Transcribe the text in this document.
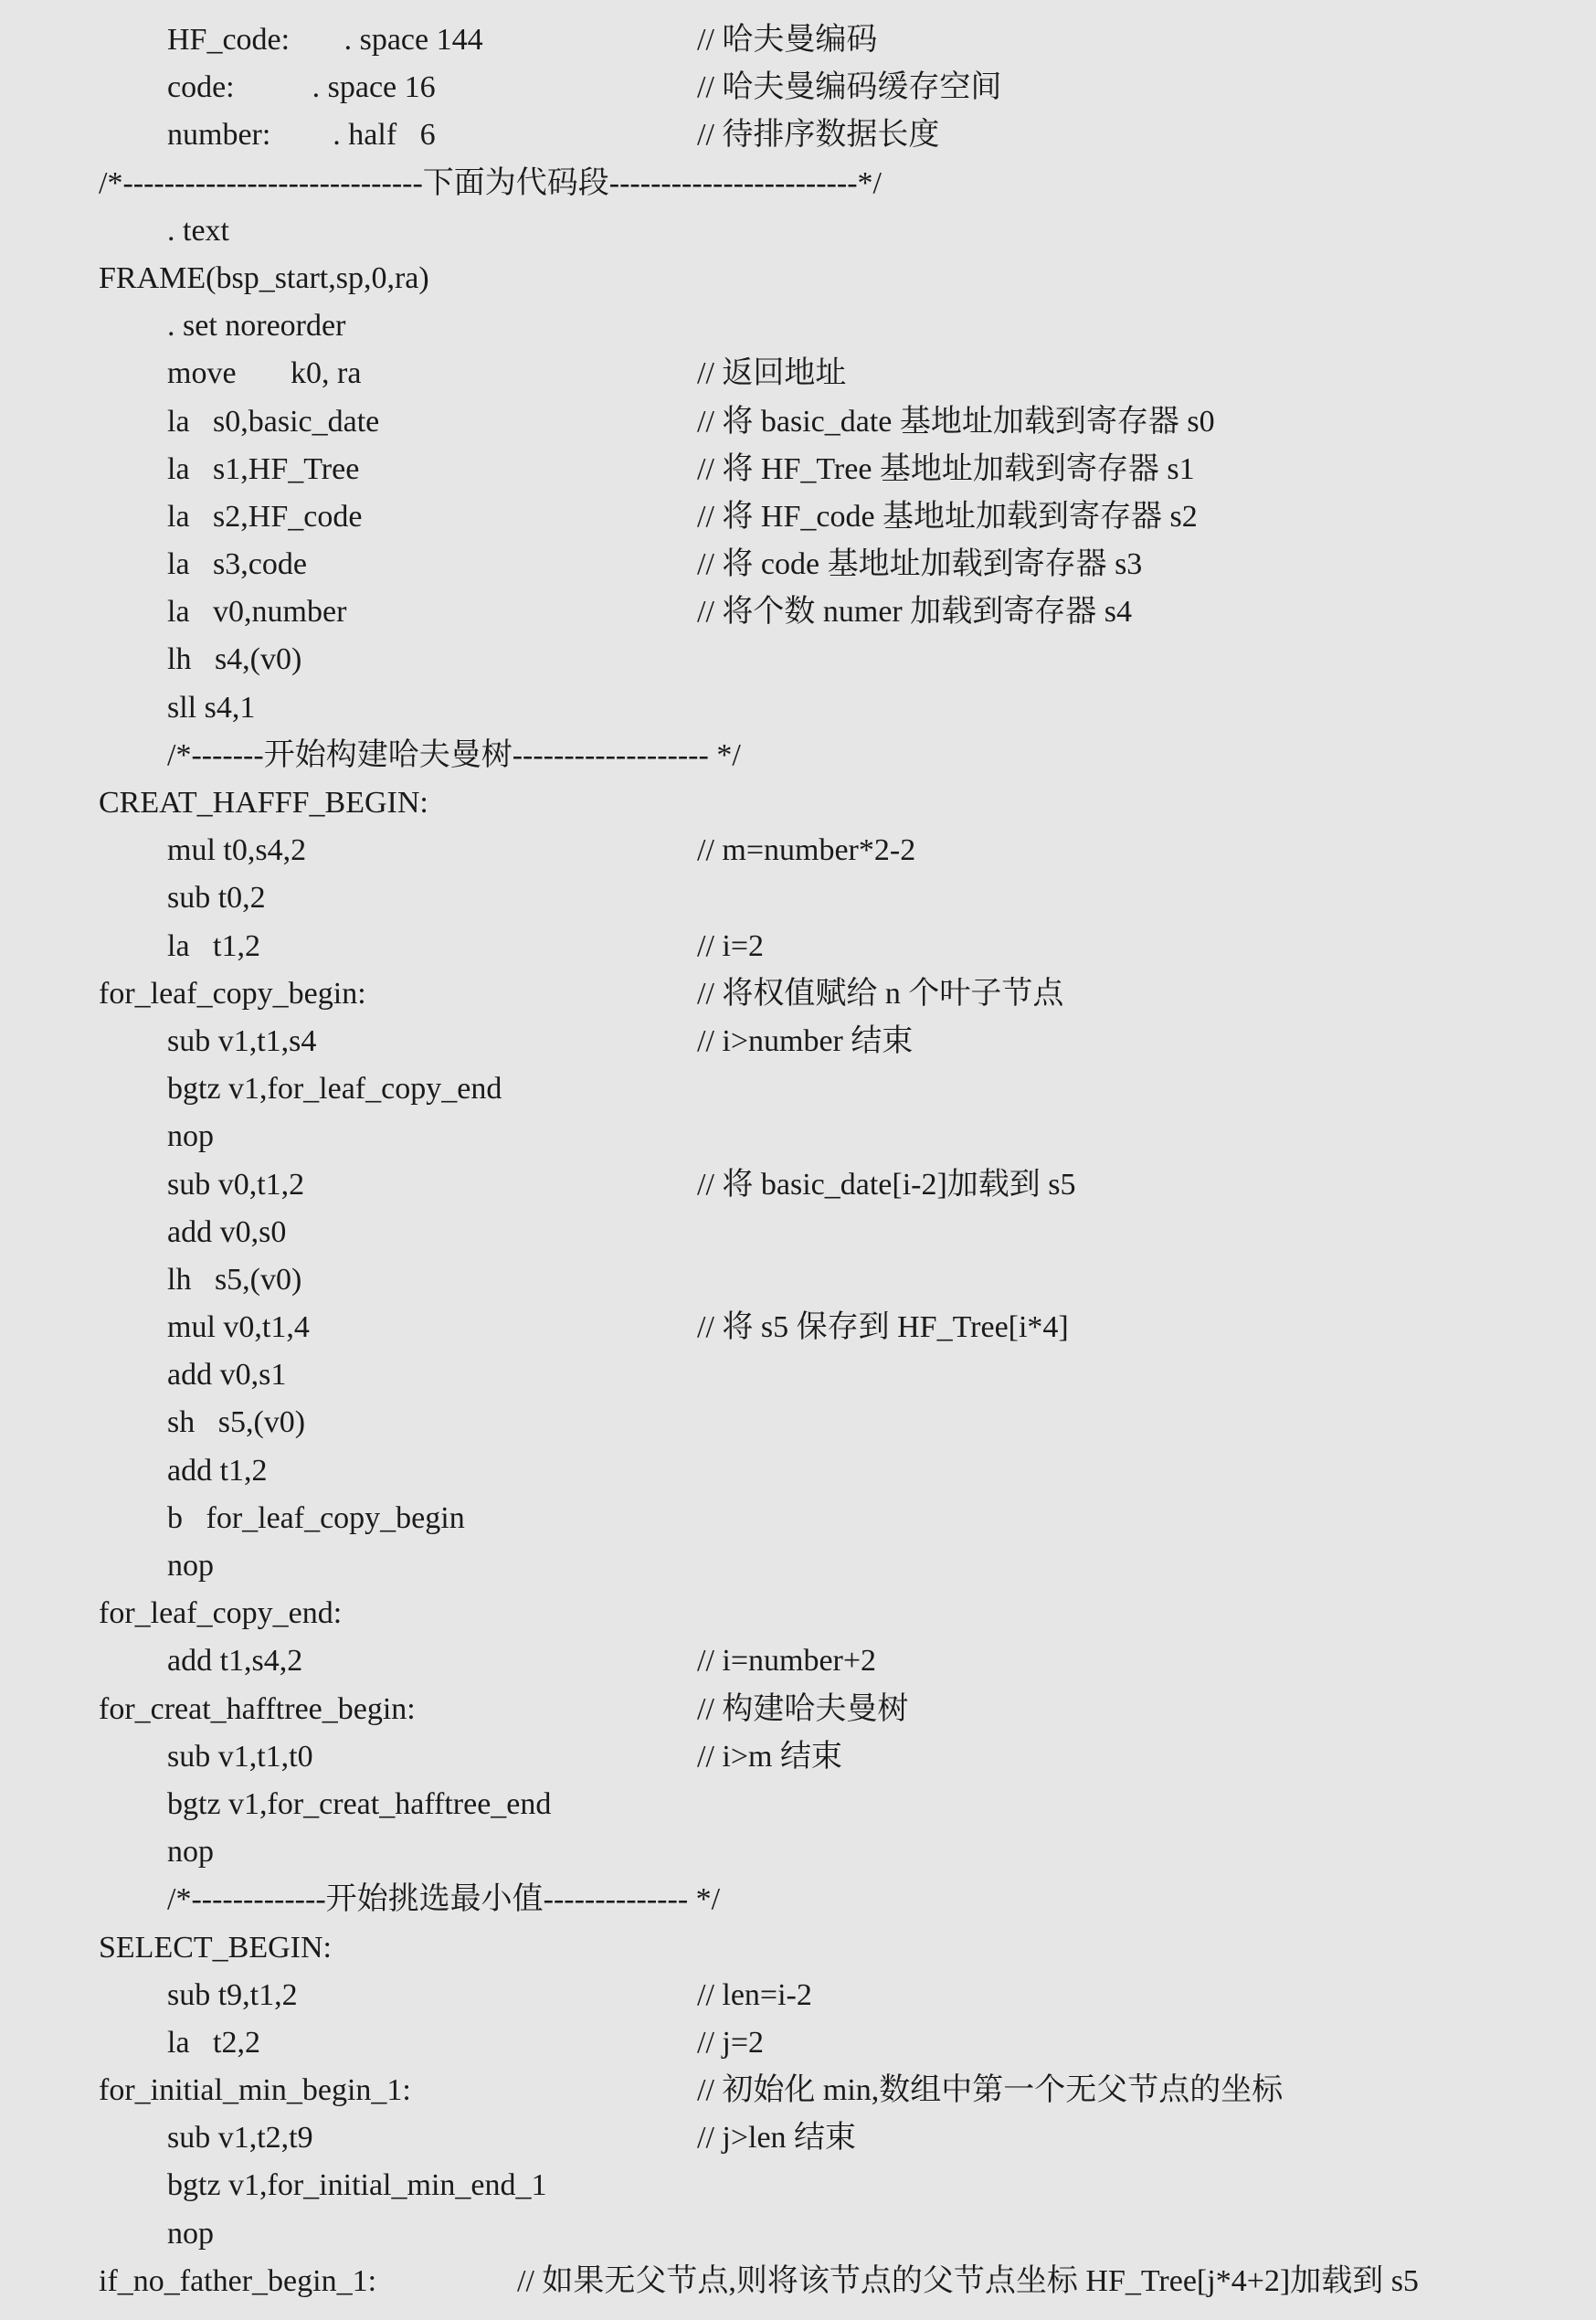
HF_code:       . space 144	// 哈夫曼编码
code:          . space 16	// 哈夫曼编码缓存空间
number:        . half   6	// 待排序数据长度
/*-----------------------------下面为代码段------------------------*/
. text
FRAME(bsp_start,sp,0,ra)
. set noreorder
move       k0, ra	// 返回地址
la   s0,basic_date	// 将 basic_date 基地址加载到寄存器 s0
la   s1,HF_Tree	// 将 HF_Tree 基地址加载到寄存器 s1
la   s2,HF_code	// 将 HF_code 基地址加载到寄存器 s2
la   s3,code	// 将 code 基地址加载到寄存器 s3
la   v0,number	// 将个数 numer 加载到寄存器 s4
lh   s4,(v0)
sll s4,1
/*-------开始构建哈夫曼树------------------- */
CREAT_HAFFF_BEGIN:
mul t0,s4,2	// m=number*2-2
sub t0,2
la   t1,2	// i=2
for_leaf_copy_begin:	// 将权值赋给 n 个叶子节点
sub v1,t1,s4	// i>number 结束
bgtz v1,for_leaf_copy_end
nop
sub v0,t1,2	// 将 basic_date[i-2]加载到 s5
add v0,s0
lh   s5,(v0)
mul v0,t1,4	// 将 s5 保存到 HF_Tree[i*4]
add v0,s1
sh   s5,(v0)
add t1,2
b   for_leaf_copy_begin
nop
for_leaf_copy_end:
add t1,s4,2	// i=number+2
for_creat_hafftree_begin:	// 构建哈夫曼树
sub v1,t1,t0	// i>m 结束
bgtz v1,for_creat_hafftree_end
nop
/*-------------开始挑选最小值-------------- */
SELECT_BEGIN:
sub t9,t1,2	// len=i-2
la   t2,2	// j=2
for_initial_min_begin_1:	// 初始化 min,数组中第一个无父节点的坐标
sub v1,t2,t9	// j>len 结束
bgtz v1,for_initial_min_end_1
nop
if_no_father_begin_1:	// 如果无父节点,则将该节点的父节点坐标 HF_Tree[j*4+2]加载到 s5
